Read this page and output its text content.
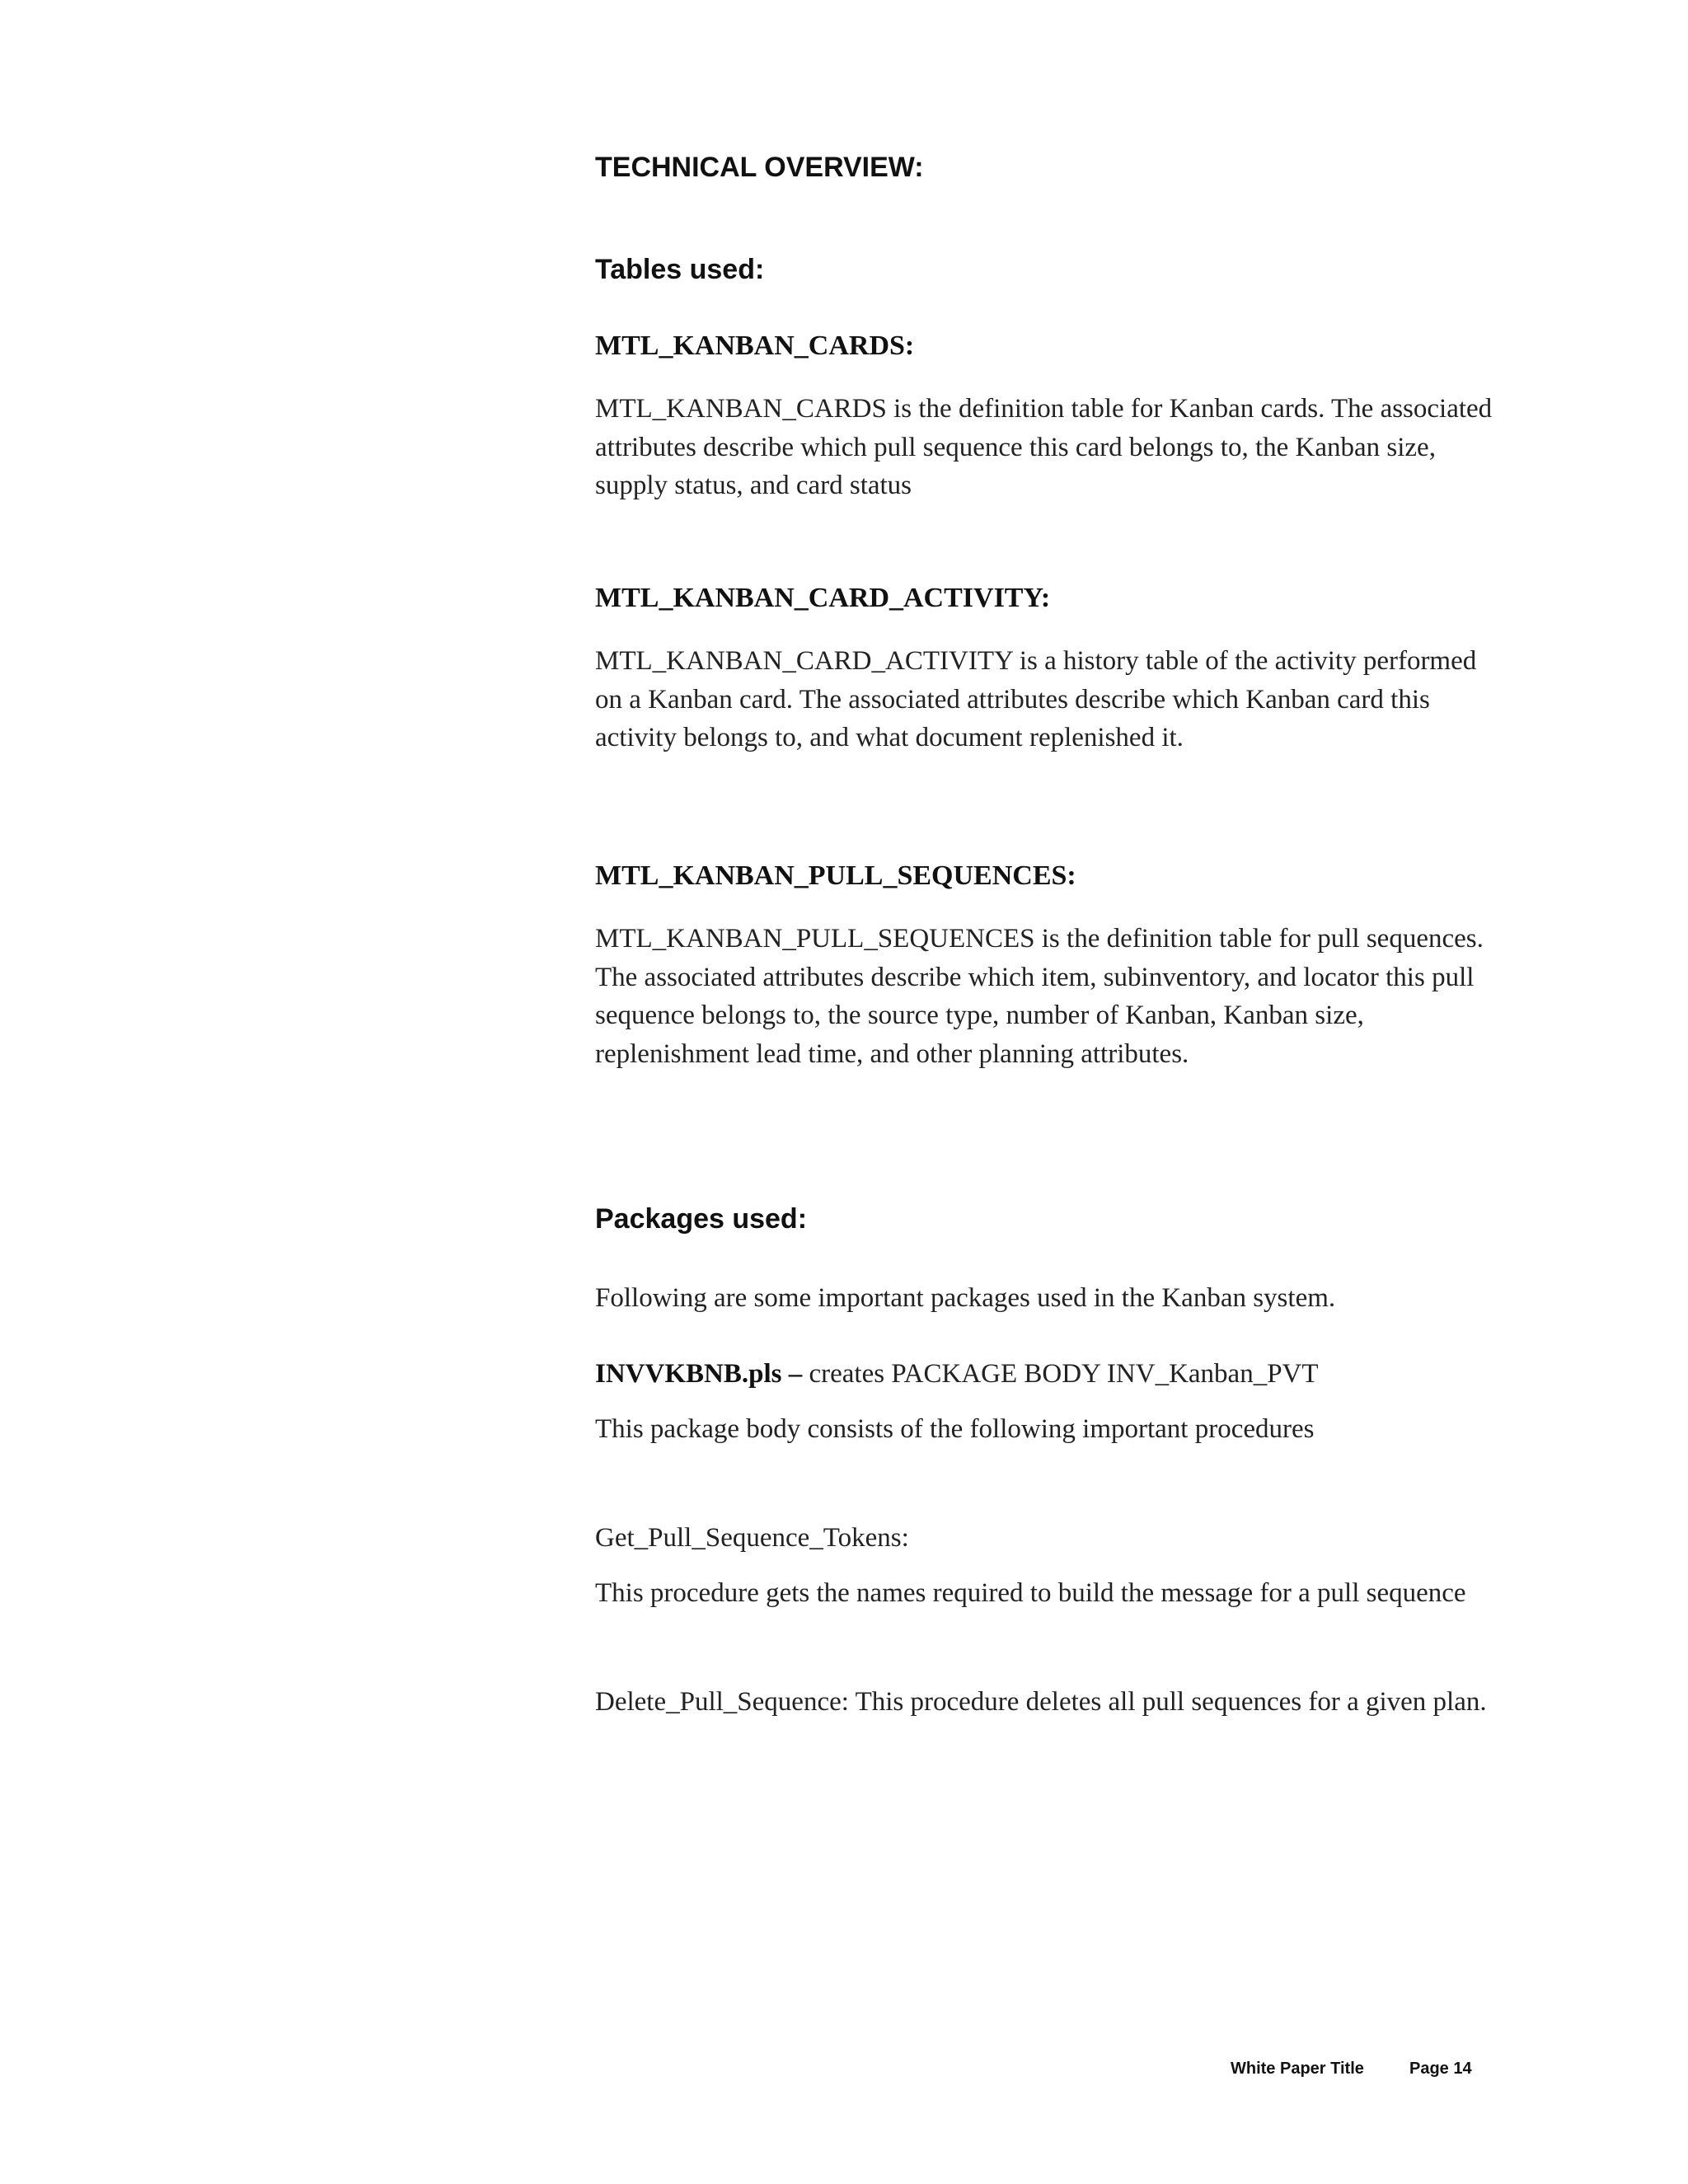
TECHNICAL OVERVIEW:
Tables used:
MTL_KANBAN_CARDS:
MTL_KANBAN_CARDS is the definition table for Kanban cards. The associated
attributes describe which pull sequence this card belongs to, the Kanban size,
supply status, and card status
MTL_KANBAN_CARD_ACTIVITY:
MTL_KANBAN_CARD_ACTIVITY is a history table of the activity performed
on a Kanban card. The associated attributes describe which Kanban card this
activity belongs to, and what document replenished it.
MTL_KANBAN_PULL_SEQUENCES:
MTL_KANBAN_PULL_SEQUENCES is the definition table for pull sequences.
The associated attributes describe which item, subinventory, and locator this pull
sequence belongs to, the source type, number of Kanban, Kanban size,
replenishment lead time, and other planning attributes.
Packages used:

Following are some important packages used in the Kanban system.

INVVKBNB.pls – creates PACKAGE BODY INV_Kanban_PVT

This package body consists of the following important procedures

Get_Pull_Sequence_Tokens:

This procedure gets the names required to build the message for a pull sequence

Delete_Pull_Sequence: This procedure deletes all pull sequences for a given plan.

White Paper Title	Page 14
